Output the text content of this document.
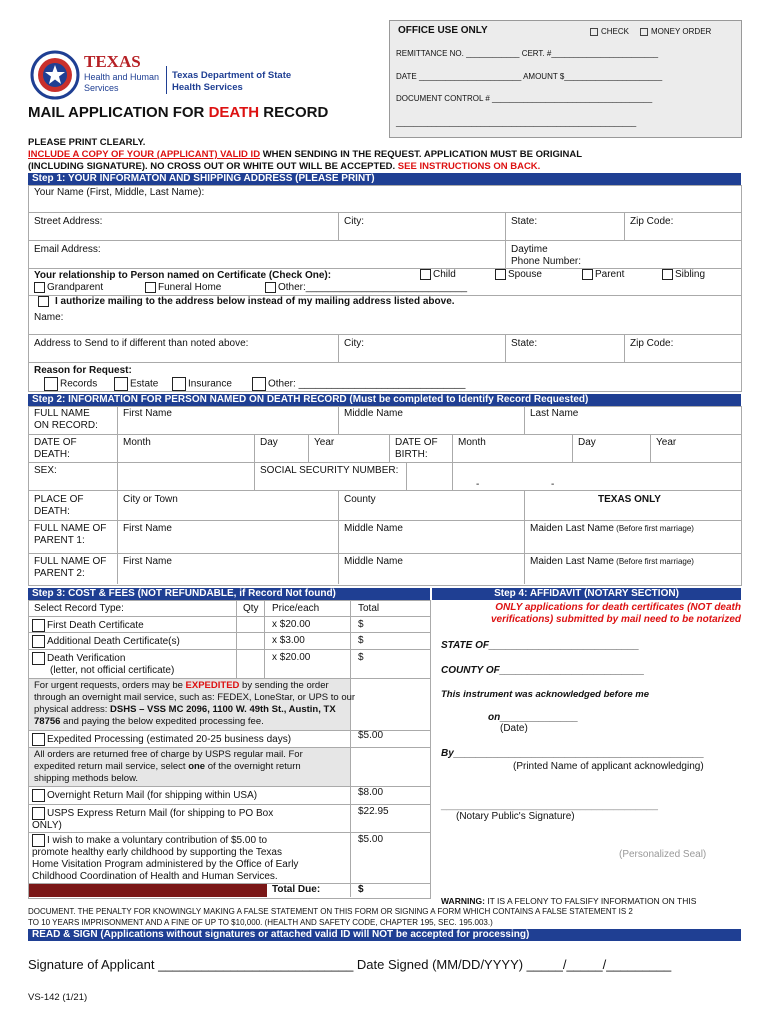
OFFICE USE ONLY	CHECK	MONEY ORDER
REMITTANCE NO. ____________ CERT. #________________________
DATE _______________________ AMOUNT $______________________
DOCUMENT CONTROL # ____________________________________
______________________________________________________
TEXAS
Health and Human
Services
Texas Department of State
Health Services
MAIL APPLICATION FOR DEATH RECORD
PLEASE PRINT CLEARLY.
INCLUDE A COPY OF YOUR (APPLICANT) VALID ID WHEN SENDING IN THE REQUEST. APPLICATION MUST BE ORIGINAL
(INCLUDING SIGNATURE). NO CROSS OUT OR WHITE OUT WILL BE ACCEPTED. SEE INSTRUCTIONS ON BACK.
Step 1: YOUR INFORMATON AND SHIPPING ADDRESS (PLEASE PRINT)
Your Name (First, Middle, Last Name):
Street Address:	City:	State:	Zip Code:
Email Address:	Daytime
Phone Number:
Your relationship to Person named on Certificate (Check One):	Child	Spouse	Parent	Sibling
Grandparent	Funeral Home	Other:_____________________________
I authorize mailing to the address below instead of my mailing address listed above.
Name:
Address to Send to if different than noted above:	City:	State:	Zip Code:
Reason for Request:
Records	Estate	Insurance	Other: ______________________________
Step 2: INFORMATION FOR PERSON NAMED ON DEATH RECORD (Must be completed to Identify Record Requested)
FULL NAME
ON RECORD:
First Name	Middle Name	Last Name
DATE OF
DEATH:
Month	Day	Year	DATE OF
BIRTH:
Month	Day	Year
SEX:	SOCIAL SECURITY NUMBER:
-	-
PLACE OF
DEATH:
City or Town	County	TEXAS ONLY
FULL NAME OF
PARENT 1:
First Name	Middle Name	Maiden Last Name (Before first marriage)
FULL NAME OF
PARENT 2:
First Name	Middle Name	Maiden Last Name (Before first marriage)
Step 3: COST & FEES (NOT REFUNDABLE, if Record Not found)
Select Record Type:	Qty Price/each	Total
First Death Certificate	x $20.00	$
Additional Death Certificate(s)	x $3.00	$
Death Verification
(letter, not official certificate)
x $20.00	$
For urgent requests, orders may be EXPEDITED by sending the order
through an overnight mail service, such as: FEDEX, LoneStar, or UPS to our
physical address: DSHS – VSS MC 2096, 1100 W. 49th St., Austin, TX
78756 and paying the below expedited processing fee.
Expedited Processing (estimated 20-25 business days)	$5.00
All orders are returned free of charge by USPS regular mail. For
expedited return mail service, select one of the overnight return
shipping methods below.
Overnight Return Mail (for shipping within USA)	$8.00
USPS Express Return Mail (for shipping to PO Box
ONLY)
$22.95
I wish to make a voluntary contribution of $5.00 to
promote healthy early childhood by supporting the Texas
Home Visitation Program administered by the Office of Early
Childhood Coordination of Health and Human Services.
$5.00
Total Due:	$
Step 4: AFFIDAVIT (NOTARY SECTION)
ONLY applications for death certificates (NOT death
verifications) submitted by mail need to be notarized
STATE OF___________________________
COUNTY OF__________________________
This instrument was acknowledged before me
on______________
(Date)
By_____________________________________________
(Printed Name of applicant acknowledging)
_______________________________________
(Notary Public's Signature)
(Personalized Seal)
WARNING: IT IS A FELONY TO FALSIFY INFORMATION ON THIS
DOCUMENT. THE PENALTY FOR KNOWINGLY MAKING A FALSE STATEMENT ON THIS FORM OR SIGNING A FORM WHICH CONTAINS A FALSE STATEMENT IS 2
TO 10 YEARS IMPRISONMENT AND A FINE OF UP TO $10,000. (HEALTH AND SAFETY CODE, CHAPTER 195, SEC. 195.003.)
READ & SIGN (Applications without signatures or attached valid ID will NOT be accepted for processing)
Signature of Applicant ___________________________ Date Signed (MM/DD/YYYY) _____/_____/_________
VS-142 (1/21)
